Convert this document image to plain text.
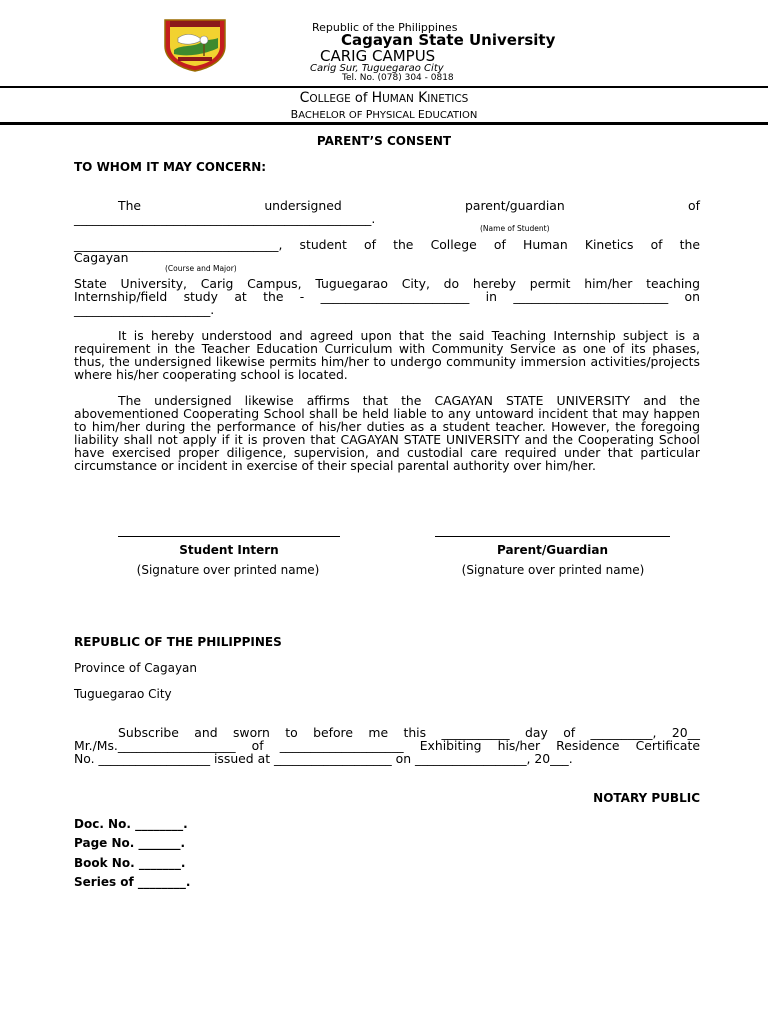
Republic of the Philippines
Cagayan State University
CARIG CAMPUS
Carig Sur, Tuguegarao City
Tel. No. (078) 304 - 0818
COLLEGE of HUMAN KINETICS
BACHELOR OF PHYSICAL EDUCATION
PARENT’S CONSENT
TO WHOM IT MAY CONCERN:
The	undersigned	parent/guardian	of
________________________________________________.
(Name of Student)
_________________________________, student of the College of Human Kinetics of the
Cagayan
(Course and Major)
State University, Carig Campus, Tuguegarao City, do hereby permit him/her teaching
Internship/field study at the - ________________________ in _________________________ on
______________________.
It is hereby understood and agreed upon that the said Teaching Internship subject is a requirement in the Teacher Education Curriculum with Community Service as one of its phases, thus, the undersigned likewise permits him/her to undergo community immersion activities/projects where his/her cooperating school is located.
The undersigned likewise affirms that the CAGAYAN STATE UNIVERSITY and the abovementioned Cooperating School shall be held liable to any untoward incident that may happen to him/her during the performance of his/her duties as a student teacher. However, the foregoing liability shall not apply if it is proven that CAGAYAN STATE UNIVERSITY and the Cooperating School have exercised proper diligence, supervision, and custodial care required under that particular circumstance or incident in exercise of their special parental authority over him/her.
Student Intern
(Signature over printed name)
Parent/Guardian
(Signature over printed name)
REPUBLIC OF THE PHILIPPINES
Province of Cagayan
Tuguegarao City
Subscribe and sworn to before me this ___________ day of __________, 20__
Mr./Ms.___________________ of ____________________ Exhibiting his/her Residence Certificate
No. __________________ issued at ___________________ on __________________, 20___.
NOTARY PUBLIC
Doc. No. ________.
Page No. _______.
Book No. _______.
Series of ________.
